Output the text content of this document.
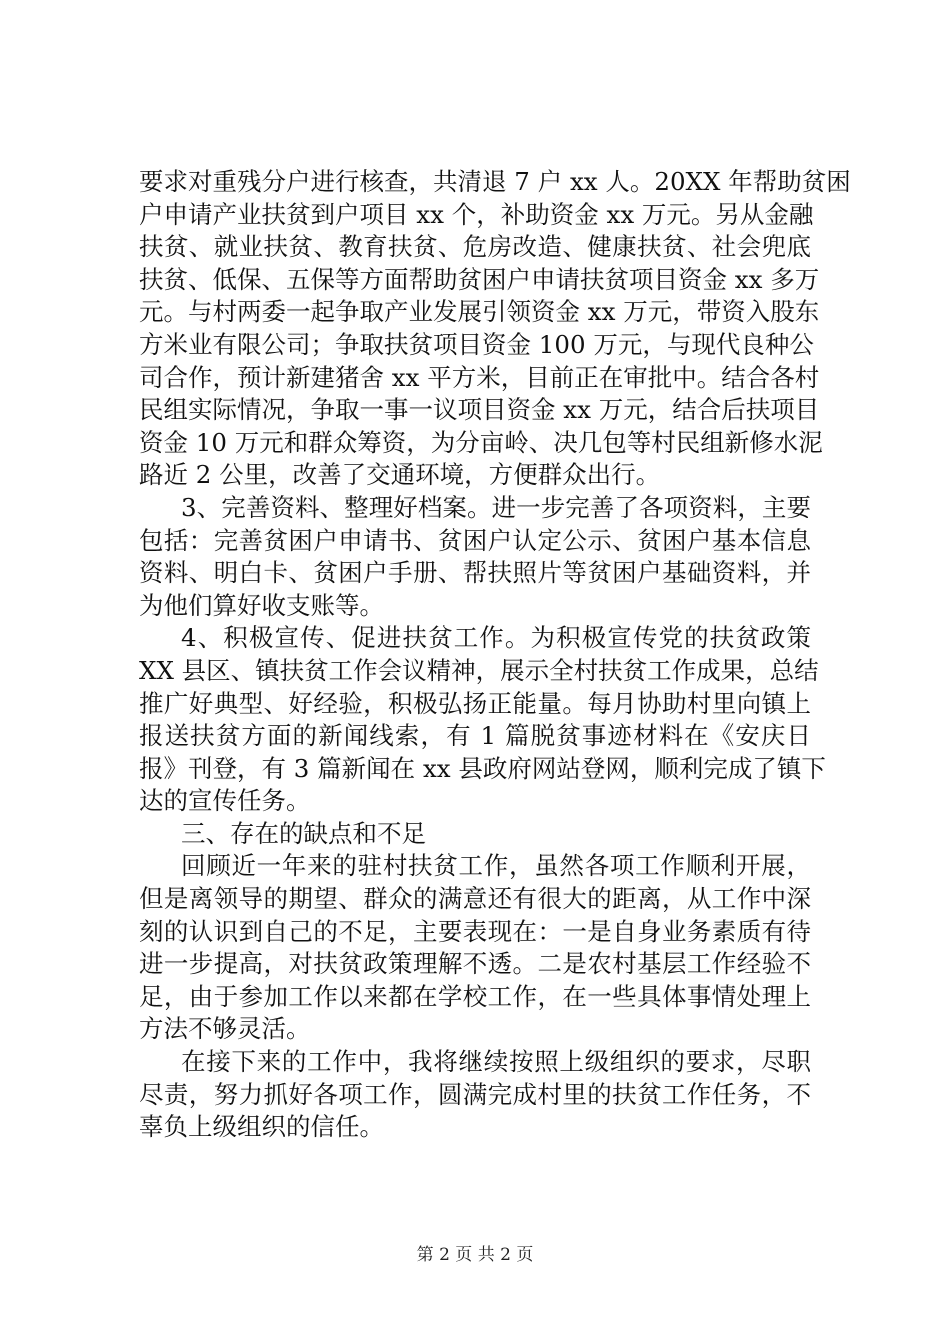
要求对重残分户进行核查，共清退 7 户 xx 人。20XX 年帮助贫困
户申请产业扶贫到户项目 xx 个，补助资金 xx 万元。另从金融
扶贫、就业扶贫、教育扶贫、危房改造、健康扶贫、社会兜底
扶贫、低保、五保等方面帮助贫困户申请扶贫项目资金 xx 多万
元。与村两委一起争取产业发展引领资金 xx 万元，带资入股东
方米业有限公司；争取扶贫项目资金 100 万元，与现代良种公
司合作，预计新建猪舍 xx 平方米，目前正在审批中。结合各村
民组实际情况，争取一事一议项目资金 xx 万元，结合后扶项目
资金 10 万元和群众筹资，为分亩岭、决几包等村民组新修水泥
路近 2 公里，改善了交通环境，方便群众出行。
3、完善资料、整理好档案。进一步完善了各项资料，主要
包括：完善贫困户申请书、贫困户认定公示、贫困户基本信息
资料、明白卡、贫困户手册、帮扶照片等贫困户基础资料，并
为他们算好收支账等。
4、积极宣传、促进扶贫工作。为积极宣传党的扶贫政策
XX 县区、镇扶贫工作会议精神，展示全村扶贫工作成果，总结
推广好典型、好经验，积极弘扬正能量。每月协助村里向镇上
报送扶贫方面的新闻线索，有 1 篇脱贫事迹材料在《安庆日
报》刊登，有 3 篇新闻在 xx 县政府网站登网，顺利完成了镇下
达的宣传任务。
三、存在的缺点和不足
回顾近一年来的驻村扶贫工作，虽然各项工作顺利开展，
但是离领导的期望、群众的满意还有很大的距离，从工作中深
刻的认识到自己的不足，主要表现在：一是自身业务素质有待
进一步提高，对扶贫政策理解不透。二是农村基层工作经验不
足，由于参加工作以来都在学校工作，在一些具体事情处理上
方法不够灵活。
在接下来的工作中，我将继续按照上级组织的要求，尽职
尽责，努力抓好各项工作，圆满完成村里的扶贫工作任务，不
辜负上级组织的信任。
第 2 页 共 2 页
